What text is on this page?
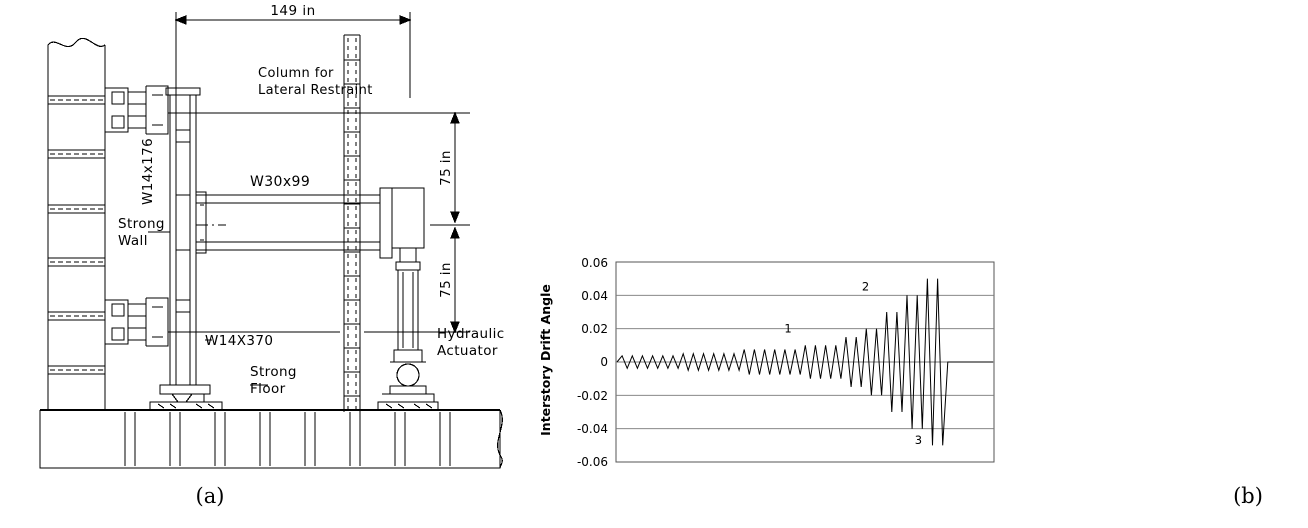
149 in
Column for
Lateral Restraint
W30x99
W14x176
Strong
Wall
W14X370
Strong
Floor
Hydraulic
Actuator
75 in
75 in
(a)
Interstory Drift Angle
0.06
0.04
0.02
0
-0.02
-0.04
-0.06
1
2
3
(b)
